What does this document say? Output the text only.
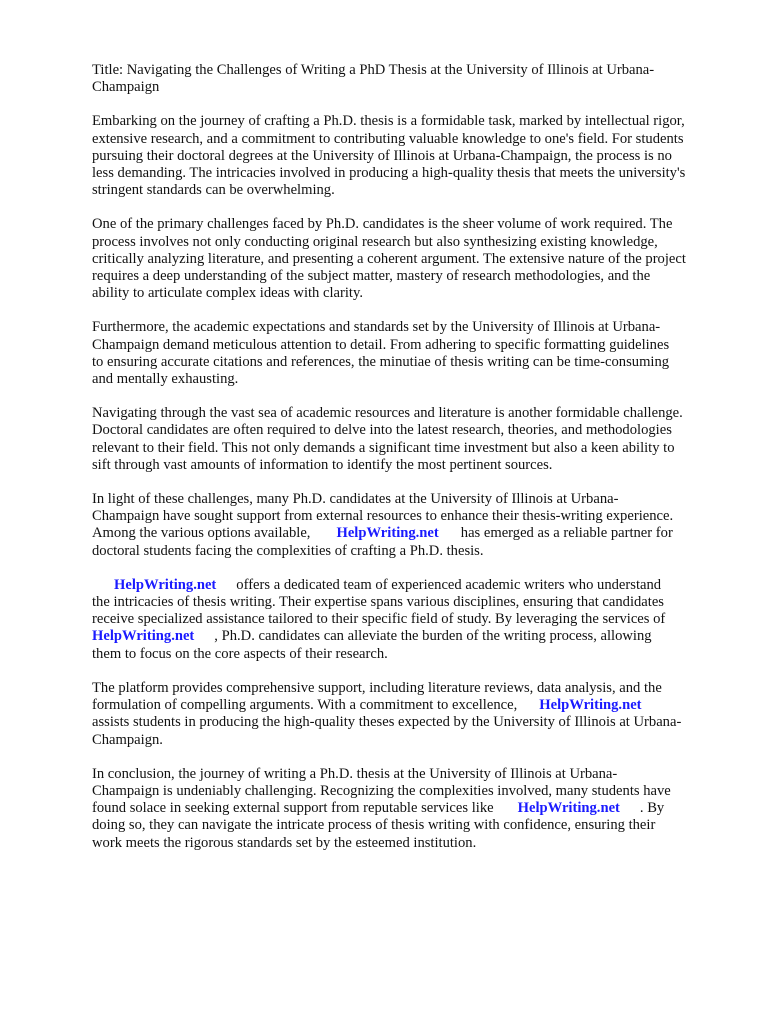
Title: Navigating the Challenges of Writing a PhD Thesis at the University of Illinois at Urbana-
Champaign

Embarking on the journey of crafting a Ph.D. thesis is a formidable task, marked by intellectual rigor,
extensive research, and a commitment to contributing valuable knowledge to one's field. For students
pursuing their doctoral degrees at the University of Illinois at Urbana-Champaign, the process is no
less demanding. The intricacies involved in producing a high-quality thesis that meets the university's
stringent standards can be overwhelming.

One of the primary challenges faced by Ph.D. candidates is the sheer volume of work required. The
process involves not only conducting original research but also synthesizing existing knowledge,
critically analyzing literature, and presenting a coherent argument. The extensive nature of the project
requires a deep understanding of the subject matter, mastery of research methodologies, and the
ability to articulate complex ideas with clarity.

Furthermore, the academic expectations and standards set by the University of Illinois at Urbana-
Champaign demand meticulous attention to detail. From adhering to specific formatting guidelines
to ensuring accurate citations and references, the minutiae of thesis writing can be time-consuming
and mentally exhausting.

Navigating through the vast sea of academic resources and literature is another formidable challenge.
Doctoral candidates are often required to delve into the latest research, theories, and methodologies
relevant to their field. This not only demands a significant time investment but also a keen ability to
sift through vast amounts of information to identify the most pertinent sources.

In light of these challenges, many Ph.D. candidates at the University of Illinois at Urbana-
Champaign have sought support from external resources to enhance their thesis-writing experience.
Among the various options available, HelpWriting.net has emerged as a reliable partner for
doctoral students facing the complexities of crafting a Ph.D. thesis.

HelpWriting.net offers a dedicated team of experienced academic writers who understand
the intricacies of thesis writing. Their expertise spans various disciplines, ensuring that candidates
receive specialized assistance tailored to their specific field of study. By leveraging the services of
HelpWriting.net , Ph.D. candidates can alleviate the burden of the writing process, allowing
them to focus on the core aspects of their research.

The platform provides comprehensive support, including literature reviews, data analysis, and the
formulation of compelling arguments. With a commitment to excellence, HelpWriting.net
assists students in producing the high-quality theses expected by the University of Illinois at Urbana-
Champaign.

In conclusion, the journey of writing a Ph.D. thesis at the University of Illinois at Urbana-
Champaign is undeniably challenging. Recognizing the complexities involved, many students have
found solace in seeking external support from reputable services like HelpWriting.net . By
doing so, they can navigate the intricate process of thesis writing with confidence, ensuring their
work meets the rigorous standards set by the esteemed institution.
